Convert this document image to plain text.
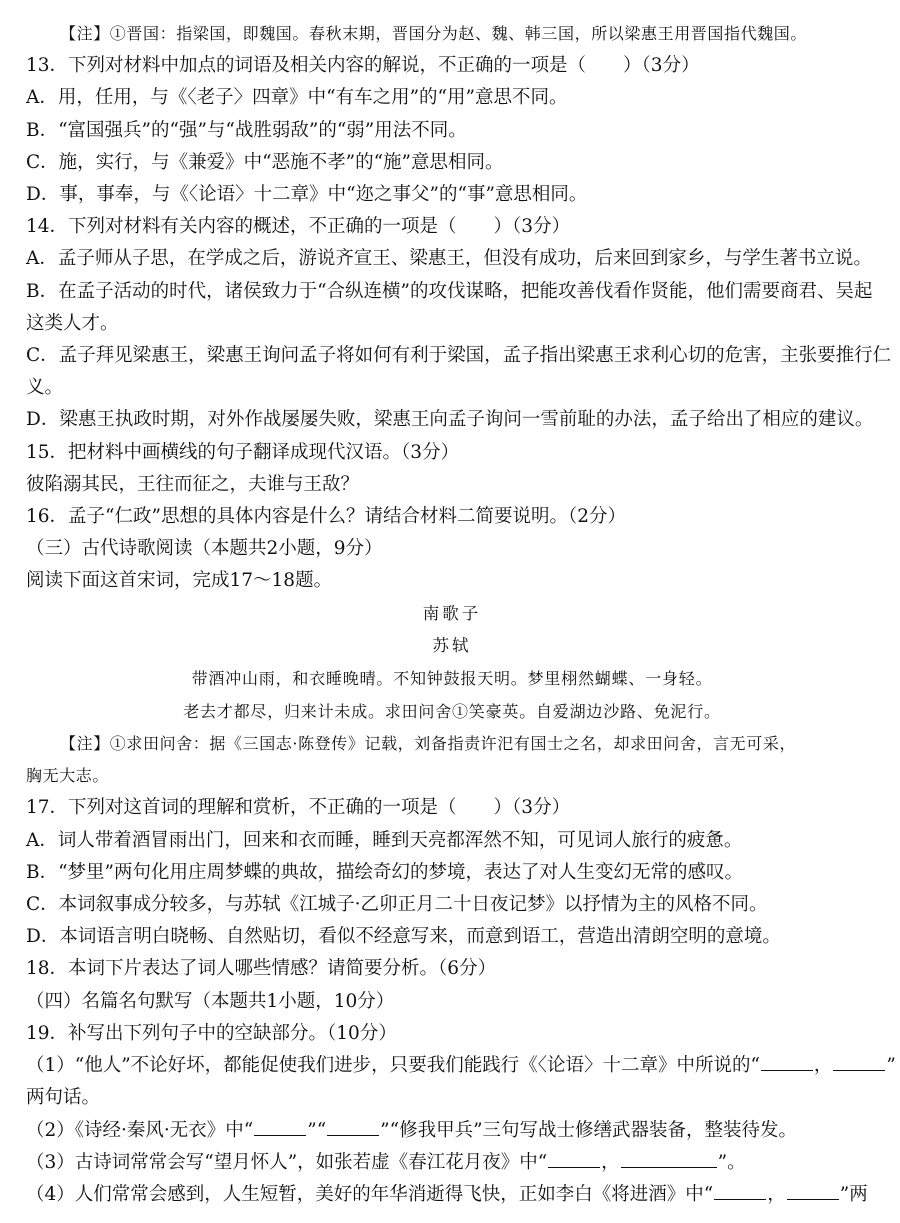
【注】①晋国：指梁国，即魏国。春秋末期，晋国分为赵、魏、韩三国，所以梁惠王用晋国指代魏国。
13．下列对材料中加点的词语及相关内容的解说，不正确的一项是（　　）（3分）
A．用，任用，与《〈老子〉四章》中“有车之用”的“用”意思不同。
B．“富国强兵”的“强”与“战胜弱敌”的“弱”用法不同。
C．施，实行，与《兼爱》中“恶施不孝”的“施”意思相同。
D．事，事奉，与《〈论语〉十二章》中“迩之事父”的“事”意思相同。
14．下列对材料有关内容的概述，不正确的一项是（　　）（3分）
A．孟子师从子思，在学成之后，游说齐宣王、梁惠王，但没有成功，后来回到家乡，与学生著书立说。
B．在孟子活动的时代，诸侯致力于“合纵连横”的攻伐谋略，把能攻善伐看作贤能，他们需要商君、吴起
这类人才。
C．孟子拜见梁惠王，梁惠王询问孟子将如何有利于梁国，孟子指出梁惠王求利心切的危害，主张要推行仁
义。
D．梁惠王执政时期，对外作战屡屡失败，梁惠王向孟子询问一雪前耻的办法，孟子给出了相应的建议。
15．把材料中画横线的句子翻译成现代汉语。（3分）
彼陷溺其民，王往而征之，夫谁与王敌？
16．孟子“仁政”思想的具体内容是什么？请结合材料二简要说明。（2分）
（三）古代诗歌阅读（本题共2小题，9分）
阅读下面这首宋词，完成17～18题。
南歌子
苏轼
带酒冲山雨，和衣睡晚晴。不知钟鼓报天明。梦里栩然蝴蝶、一身轻。
老去才都尽，归来计未成。求田问舍①笑豪英。自爱湖边沙路、免泥行。
【注】①求田问舍：据《三国志·陈登传》记载，刘备指责许汜有国士之名，却求田问舍，言无可采，
胸无大志。
17．下列对这首词的理解和赏析，不正确的一项是（　　）（3分）
A．词人带着酒冒雨出门，回来和衣而睡，睡到天亮都浑然不知，可见词人旅行的疲惫。
B．“梦里”两句化用庄周梦蝶的典故，描绘奇幻的梦境，表达了对人生变幻无常的感叹。
C．本词叙事成分较多，与苏轼《江城子·乙卯正月二十日夜记梦》以抒情为主的风格不同。
D．本词语言明白晓畅、自然贴切，看似不经意写来，而意到语工，营造出清朗空明的意境。
18．本词下片表达了词人哪些情感？请简要分析。（6分）
（四）名篇名句默写（本题共1小题，10分）
19．补写出下列句子中的空缺部分。（10分）
（1）“他人”不论好坏，都能促使我们进步，只要我们能践行《〈论语〉十二章》中所说的“	，	”
两句话。
（2）《诗经·秦风·无衣》中“	”“	”“修我甲兵”三句写战士修缮武器装备，整装待发。
（3）古诗词常常会写“望月怀人”，如张若虚《春江花月夜》中“	，	”。
（4）人们常常会感到，人生短暂，美好的年华消逝得飞快，正如李白《将进酒》中“	，	”两
